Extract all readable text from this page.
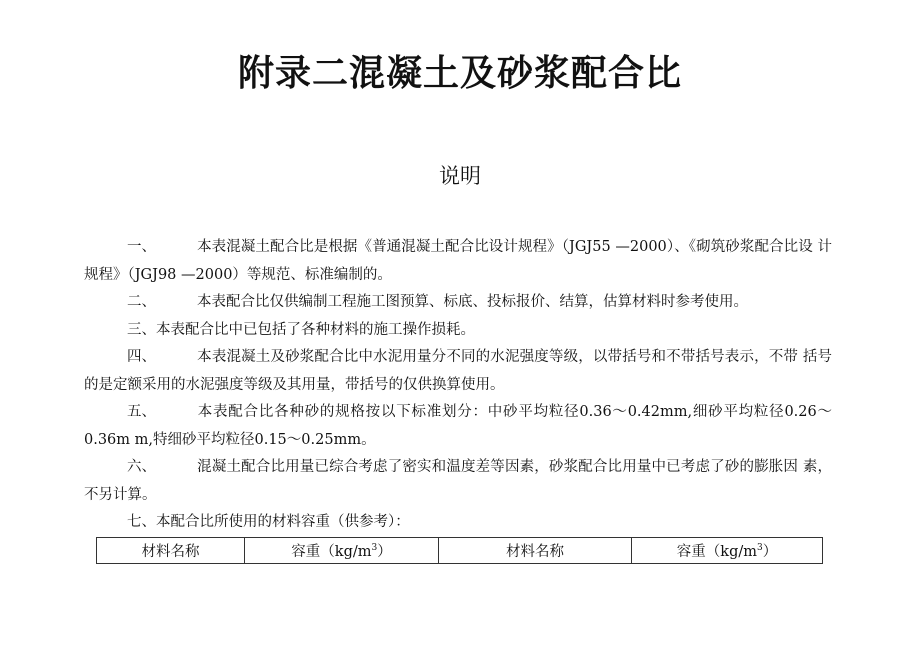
附录二混凝土及砂浆配合比
说明

一、	本表混凝土配合比是根据《普通混凝土配合比设计规程》（JGJ55 —2000）、《砌筑砂浆配合比设 计规程》（JGJ98 —2000）等规范、标准编制的。

二、	本表配合比仅供编制工程施工图预算、标底、投标报价、结算，估算材料时参考使用。

三、本表配合比中已包括了各种材料的施工操作损耗。

四、	本表混凝土及砂浆配合比中水泥用量分不同的水泥强度等级，以带括号和不带括号表示，不带 括号的是定额采用的水泥强度等级及其用量，带括号的仅供换算使用。

五、	本表配合比各种砂的规格按以下标准划分：中砂平均粒径0.36〜0.42mm,细砂平均粒径0.26〜0.36m m,特细砂平均粒径0.15〜0.25mm。

六、	混凝土配合比用量已综合考虑了密实和温度差等因素，砂浆配合比用量中已考虑了砂的膨胀因 素，不另计算。

七、本配合比所使用的材料容重（供参考）：

材料名称	容重$(kg/m^3)$	材料名称	容重$(kg/m^3)$
